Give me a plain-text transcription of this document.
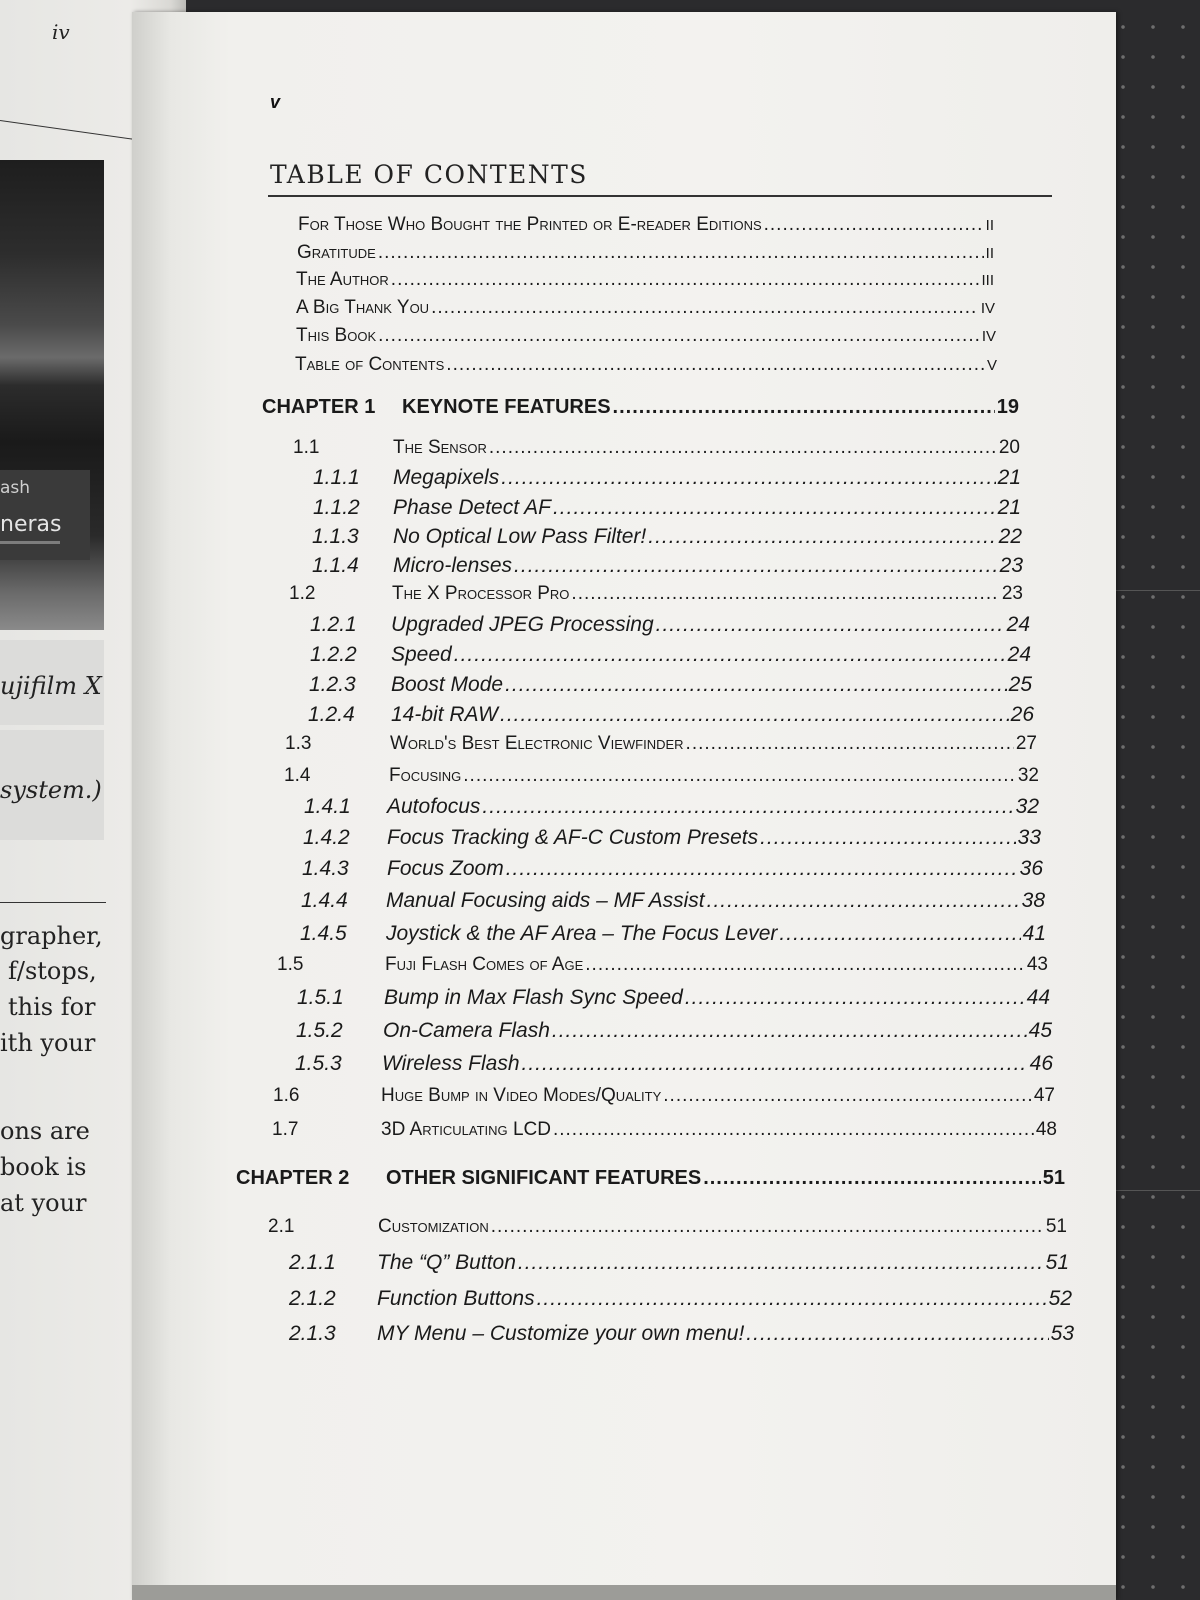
iv
ash
neras
ujifilm X
system.)
grapher,
f/stops,
this for
ith your
ons are
book is
at your
v
TABLE OF CONTENTS
For Those Who Bought the Printed or E-reader Editions .....	II
Gratitude .....	II
The Author .....	III
A Big Thank You .....	IV
This Book .....	IV
Table of Contents .....	V
CHAPTER 1	KEYNOTE FEATURES .....	19
1.1	The Sensor .....	20
1.1.1	Megapixels .....	21
1.1.2	Phase Detect AF .....	21
1.1.3	No Optical Low Pass Filter! .....	22
1.1.4	Micro-lenses .....	23
1.2	The X Processor Pro .....	23
1.2.1	Upgraded JPEG Processing .....	24
1.2.2	Speed .....	24
1.2.3	Boost Mode .....	25
1.2.4	14-bit RAW .....	26
1.3	World's Best Electronic Viewfinder .....	27
1.4	Focusing .....	32
1.4.1	Autofocus .....	32
1.4.2	Focus Tracking & AF-C Custom Presets .....	33
1.4.3	Focus Zoom .....	36
1.4.4	Manual Focusing aids – MF Assist .....	38
1.4.5	Joystick & the AF Area – The Focus Lever .....	41
1.5	Fuji Flash Comes of Age .....	43
1.5.1	Bump in Max Flash Sync Speed .....	44
1.5.2	On-Camera Flash .....	45
1.5.3	Wireless Flash .....	46
1.6	Huge Bump in Video Modes/Quality .....	47
1.7	3D Articulating LCD .....	48
CHAPTER 2	OTHER SIGNIFICANT FEATURES .....	51
2.1	Customization .....	51
2.1.1	The “Q” Button .....	51
2.1.2	Function Buttons .....	52
2.1.3	MY Menu – Customize your own menu! .....	53
